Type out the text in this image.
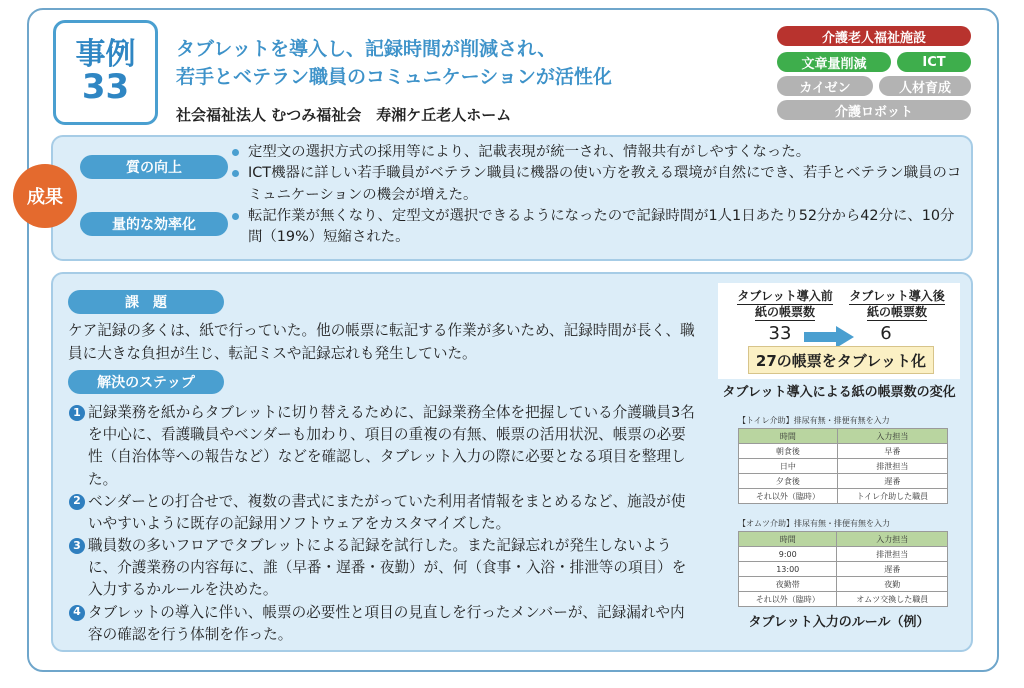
事例
33
タブレットを導入し、記録時間が削減され、
若手とベテラン職員のコミュニケーションが活性化
社会福祉法人 むつみ福祉会　寿湘ケ丘老人ホーム
介護老人福祉施設
文章量削減	ICT
カイゼン	人材育成
介護ロボット
成果
質の向上
量的な効率化
定型文の選択方式の採用等により、記載表現が統一され、情報共有がしやすくなった。
ICT機器に詳しい若手職員がベテラン職員に機器の使い方を教える環境が自然にでき、若手とベテラン職員のコミュニケーションの機会が増えた。
転記作業が無くなり、定型文が選択できるようになったので記録時間が1人1日あたり52分から42分に、10分間（19%）短縮された。
課　題
ケア記録の多くは、紙で行っていた。他の帳票に転記する作業が多いため、記録時間が長く、職員に大きな負担が生じ、転記ミスや記録忘れも発生していた。
解決のステップ
1 記録業務を紙からタブレットに切り替えるために、記録業務全体を把握している介護職員3名を中心に、看護職員やベンダーも加わり、項目の重複の有無、帳票の活用状況、帳票の必要性（自治体等への報告など）などを確認し、タブレット入力の際に必要となる項目を整理した。
2 ベンダーとの打合せで、複数の書式にまたがっていた利用者情報をまとめるなど、施設が使いやすいように既存の記録用ソフトウェアをカスタマイズした。
3 職員数の多いフロアでタブレットによる記録を試行した。また記録忘れが発生しないように、介護業務の内容毎に、誰（早番・遅番・夜勤）が、何（食事・入浴・排泄等の項目）を入力するかルールを決めた。
4 タブレットの導入に伴い、帳票の必要性と項目の見直しを行ったメンバーが、記録漏れや内容の確認を行う体制を作った。
タブレット導入前
紙の帳票数
タブレット導入後
紙の帳票数
33	6
27の帳票をタブレット化
タブレット導入による紙の帳票数の変化
【トイレ介助】排尿有無・排便有無を入力
時間	入力担当
朝食後	早番
日中	排泄担当
夕食後	遅番
それ以外（臨時）	トイレ介助した職員
【オムツ介助】排尿有無・排便有無を入力
時間	入力担当
9:00	排泄担当
13:00	遅番
夜勤帯	夜勤
それ以外（臨時）	オムツ交換した職員
タブレット入力のルール（例）
